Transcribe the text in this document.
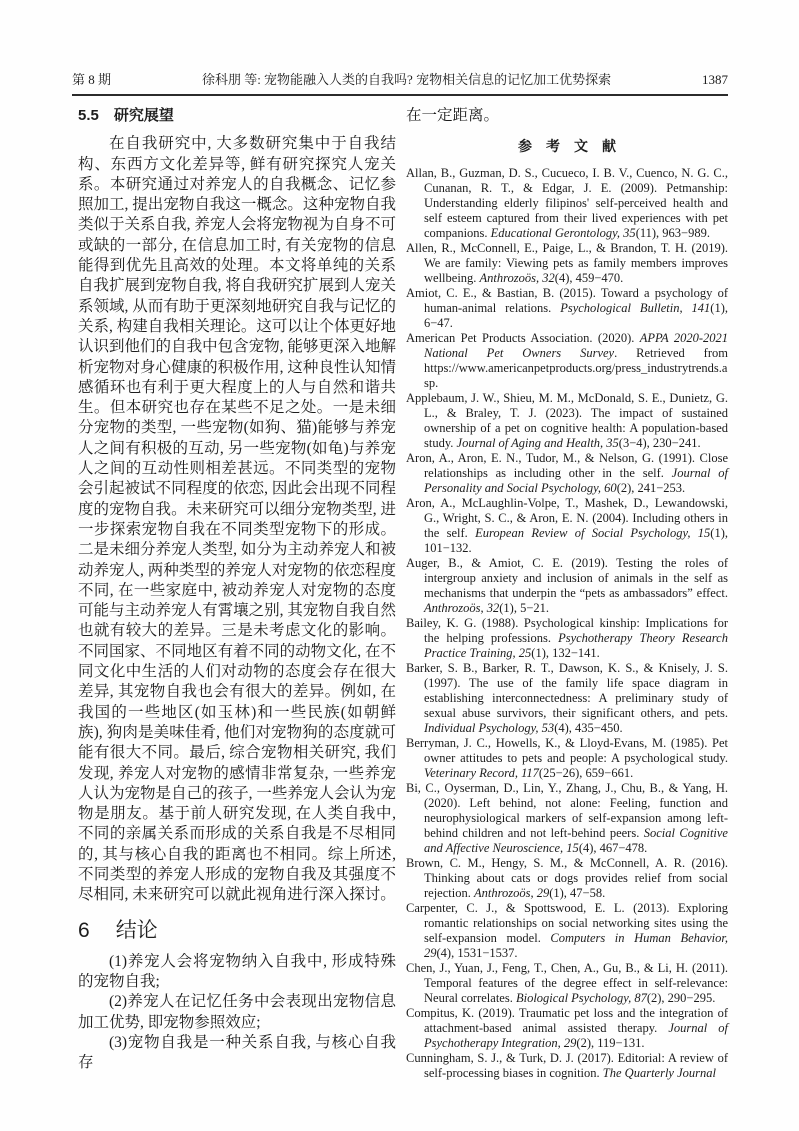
第 8 期	徐科朋 等: 宠物能融入人类的自我吗? 宠物相关信息的记忆加工优势探索	1387
5.5 研究展望

在自我研究中, 大多数研究集中于自我结构、东西方文化差异等, 鲜有研究探究人宠关系。本研究通过对养宠人的自我概念、记忆参照加工, 提出宠物自我这一概念。这种宠物自我类似于关系自我, 养宠人会将宠物视为自身不可或缺的一部分, 在信息加工时, 有关宠物的信息能得到优先且高效的处理。本文将单纯的关系自我扩展到宠物自我, 将自我研究扩展到人宠关系领域, 从而有助于更深刻地研究自我与记忆的关系, 构建自我相关理论。这可以让个体更好地认识到他们的自我中包含宠物, 能够更深入地解析宠物对身心健康的积极作用, 这种良性认知情感循环也有利于更大程度上的人与自然和谐共生。但本研究也存在某些不足之处。一是未细分宠物的类型, 一些宠物(如狗、猫)能够与养宠人之间有积极的互动, 另一些宠物(如龟)与养宠人之间的互动性则相差甚远。不同类型的宠物会引起被试不同程度的依恋, 因此会出现不同程度的宠物自我。未来研究可以细分宠物类型, 进一步探索宠物自我在不同类型宠物下的形成。二是未细分养宠人类型, 如分为主动养宠人和被动养宠人, 两种类型的养宠人对宠物的依恋程度不同, 在一些家庭中, 被动养宠人对宠物的态度可能与主动养宠人有霄壤之别, 其宠物自我自然也就有较大的差异。三是未考虑文化的影响。不同国家、不同地区有着不同的动物文化, 在不同文化中生活的人们对动物的态度会存在很大差异, 其宠物自我也会有很大的差异。例如, 在我国的一些地区(如玉林)和一些民族(如朝鲜族), 狗肉是美味佳肴, 他们对宠物狗的态度就可能有很大不同。最后, 综合宠物相关研究, 我们发现, 养宠人对宠物的感情非常复杂, 一些养宠人认为宠物是自己的孩子, 一些养宠人会认为宠物是朋友。基于前人研究发现, 在人类自我中, 不同的亲属关系而形成的关系自我是不尽相同的, 其与核心自我的距离也不相同。综上所述, 不同类型的养宠人形成的宠物自我及其强度不尽相同, 未来研究可以就此视角进行深入探讨。

6 结论

(1)养宠人会将宠物纳入自我中, 形成特殊的宠物自我;

(2)养宠人在记忆任务中会表现出宠物信息加工优势, 即宠物参照效应;

(3)宠物自我是一种关系自我, 与核心自我存

在一定距离。

参　考　文　献

Allan, B., Guzman, D. S., Cucueco, I. B. V., Cuenco, N. G. C., Cunanan, R. T., & Edgar, J. E. (2009). Petmanship: Understanding elderly filipinos' self-perceived health and self esteem captured from their lived experiences with pet companions. Educational Gerontology, 35(11), 963−989.

Allen, R., McConnell, E., Paige, L., & Brandon, T. H. (2019). We are family: Viewing pets as family members improves wellbeing. Anthrozoös, 32(4), 459−470.

Amiot, C. E., & Bastian, B. (2015). Toward a psychology of human-animal relations. Psychological Bulletin, 141(1), 6−47.

American Pet Products Association. (2020). APPA 2020-2021 National Pet Owners Survey. Retrieved from https://www.americanpetproducts.org/press_industrytrends.asp.

Applebaum, J. W., Shieu, M. M., McDonald, S. E., Dunietz, G. L., & Braley, T. J. (2023). The impact of sustained ownership of a pet on cognitive health: A population-based study. Journal of Aging and Health, 35(3−4), 230−241.

Aron, A., Aron, E. N., Tudor, M., & Nelson, G. (1991). Close relationships as including other in the self. Journal of Personality and Social Psychology, 60(2), 241−253.

Aron, A., McLaughlin-Volpe, T., Mashek, D., Lewandowski, G., Wright, S. C., & Aron, E. N. (2004). Including others in the self. European Review of Social Psychology, 15(1), 101−132.

Auger, B., & Amiot, C. E. (2019). Testing the roles of intergroup anxiety and inclusion of animals in the self as mechanisms that underpin the “pets as ambassadors” effect. Anthrozoös, 32(1), 5−21.

Bailey, K. G. (1988). Psychological kinship: Implications for the helping professions. Psychotherapy Theory Research Practice Training, 25(1), 132−141.

Barker, S. B., Barker, R. T., Dawson, K. S., & Knisely, J. S. (1997). The use of the family life space diagram in establishing interconnectedness: A preliminary study of sexual abuse survivors, their significant others, and pets. Individual Psychology, 53(4), 435−450.

Berryman, J. C., Howells, K., & Lloyd-Evans, M. (1985). Pet owner attitudes to pets and people: A psychological study. Veterinary Record, 117(25−26), 659−661.

Bi, C., Oyserman, D., Lin, Y., Zhang, J., Chu, B., & Yang, H. (2020). Left behind, not alone: Feeling, function and neurophysiological markers of self-expansion among left-behind children and not left-behind peers. Social Cognitive and Affective Neuroscience, 15(4), 467−478.

Brown, C. M., Hengy, S. M., & McConnell, A. R. (2016). Thinking about cats or dogs provides relief from social rejection. Anthrozoös, 29(1), 47−58.

Carpenter, C. J., & Spottswood, E. L. (2013). Exploring romantic relationships on social networking sites using the self-expansion model. Computers in Human Behavior, 29(4), 1531−1537.

Chen, J., Yuan, J., Feng, T., Chen, A., Gu, B., & Li, H. (2011). Temporal features of the degree effect in self-relevance: Neural correlates. Biological Psychology, 87(2), 290−295.

Compitus, K. (2019). Traumatic pet loss and the integration of attachment-based animal assisted therapy. Journal of Psychotherapy Integration, 29(2), 119−131.

Cunningham, S. J., & Turk, D. J. (2017). Editorial: A review of self-processing biases in cognition. The Quarterly Journal
